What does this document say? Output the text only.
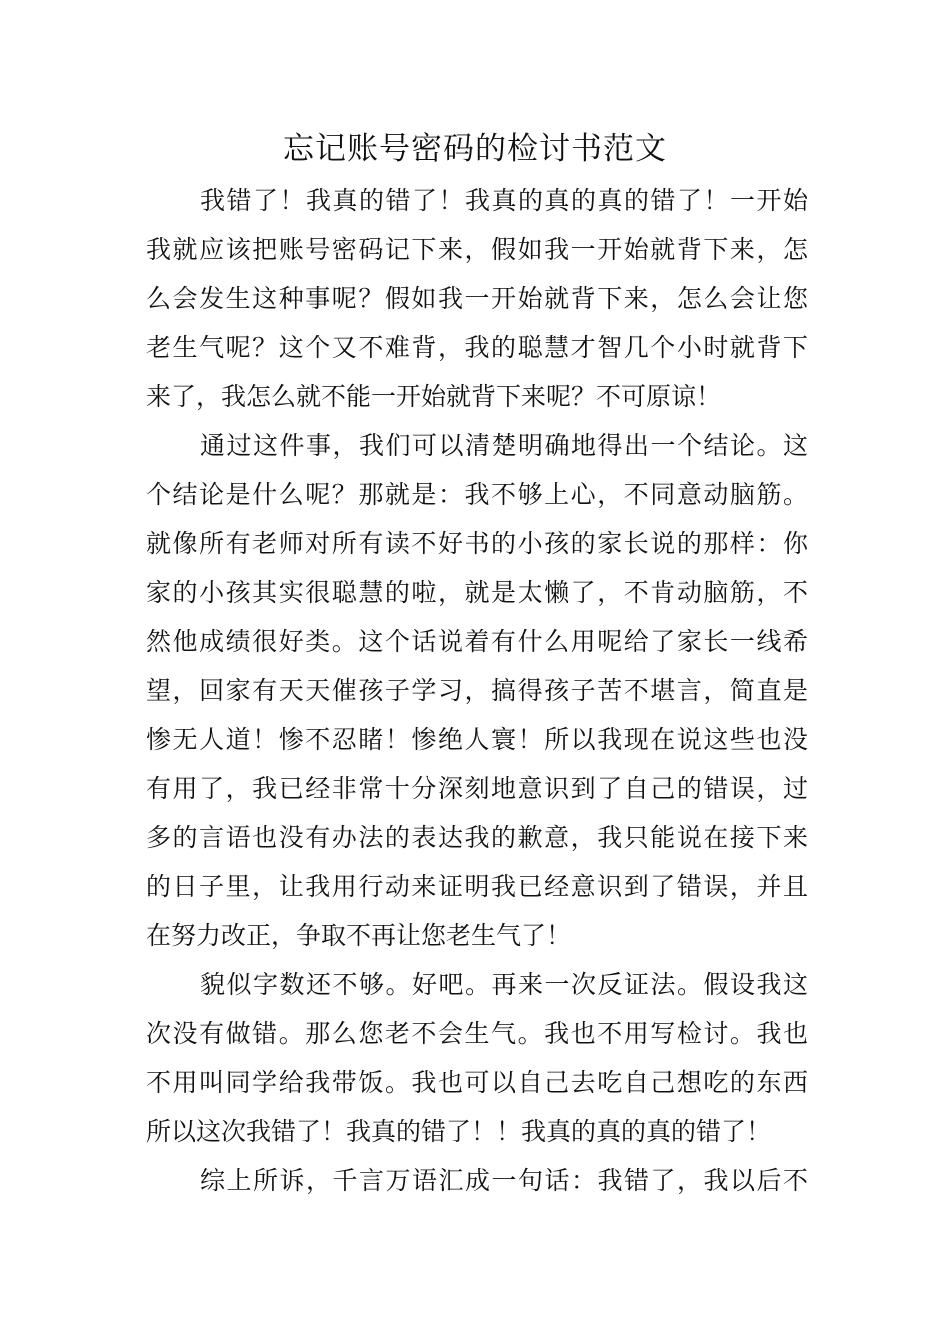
忘记账号密码的检讨书范文
我错了！我真的错了！我真的真的真的错了！一开始
我就应该把账号密码记下来，假如我一开始就背下来，怎
么会发生这种事呢？假如我一开始就背下来，怎么会让您
老生气呢？这个又不难背，我的聪慧才智几个小时就背下
来了，我怎么就不能一开始就背下来呢？不可原谅！
通过这件事，我们可以清楚明确地得出一个结论。这
个结论是什么呢？那就是：我不够上心，不同意动脑筋。
就像所有老师对所有读不好书的小孩的家长说的那样：你
家的小孩其实很聪慧的啦，就是太懒了，不肯动脑筋，不
然他成绩很好类。这个话说着有什么用呢给了家长一线希
望，回家有天天催孩子学习，搞得孩子苦不堪言，简直是
惨无人道！惨不忍睹！惨绝人寰！所以我现在说这些也没
有用了，我已经非常十分深刻地意识到了自己的错误，过
多的言语也没有办法的表达我的歉意，我只能说在接下来
的日子里，让我用行动来证明我已经意识到了错误，并且
在努力改正，争取不再让您老生气了！
貌似字数还不够。好吧。再来一次反证法。假设我这
次没有做错。那么您老不会生气。我也不用写检讨。我也
不用叫同学给我带饭。我也可以自己去吃自己想吃的东西
所以这次我错了！我真的错了！！我真的真的真的错了！
综上所诉，千言万语汇成一句话：我错了，我以后不
